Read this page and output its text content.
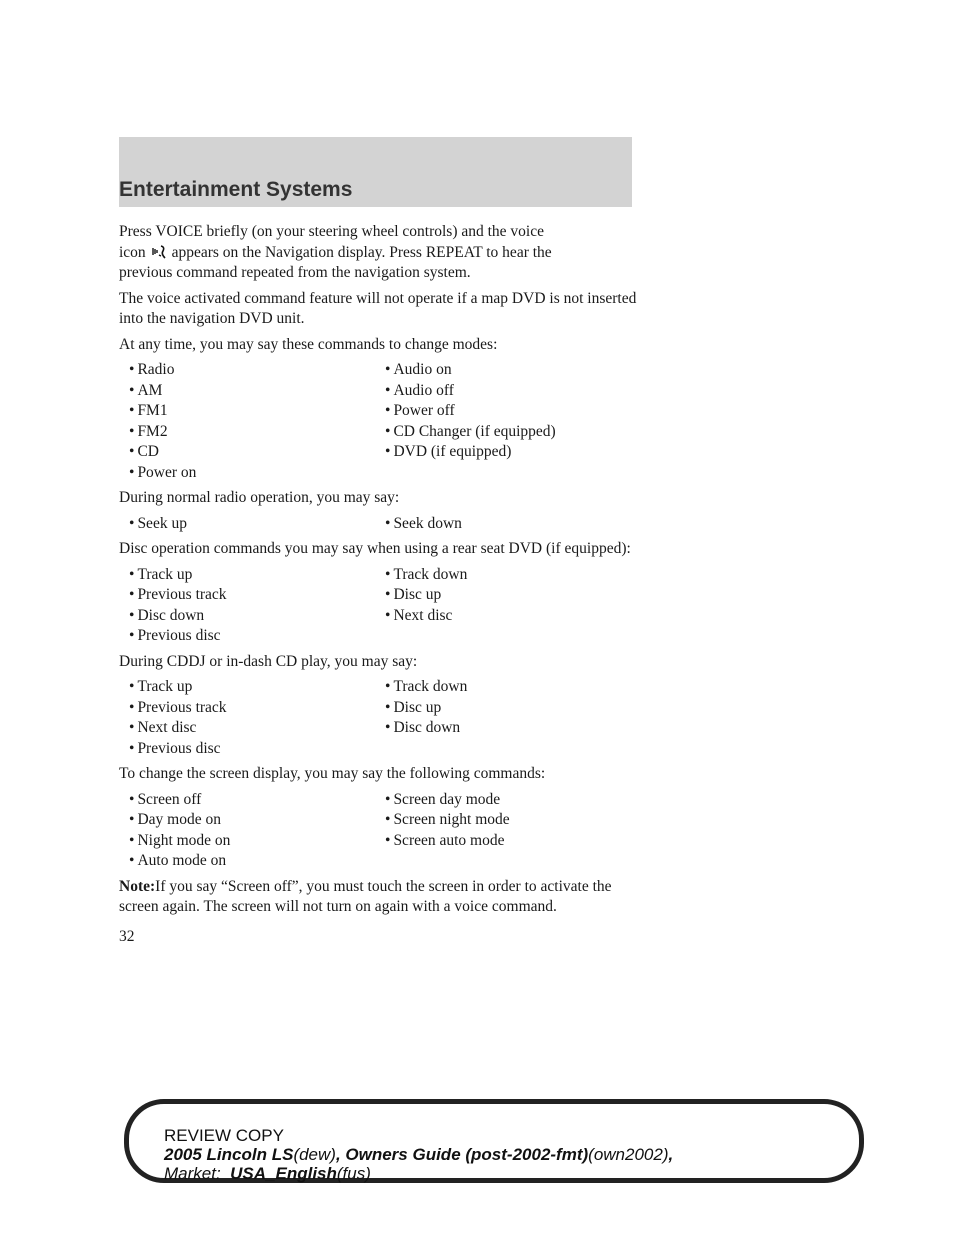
Entertainment Systems

Press VOICE briefly (on your steering wheel controls) and the voice
icon appears on the Navigation display. Press REPEAT to hear the
previous command repeated from the navigation system.

The voice activated command feature will not operate if a map DVD is not inserted into the navigation DVD unit.

At any time, you may say these commands to change modes:

• Radio	• Audio on
• AM	• Audio off
• FM1	• Power off
• FM2	• CD Changer (if equipped)
• CD	• DVD (if equipped)
• Power on

During normal radio operation, you may say:

• Seek up	• Seek down

Disc operation commands you may say when using a rear seat DVD (if equipped):

• Track up	• Track down
• Previous track	• Disc up
• Disc down	• Next disc
• Previous disc

During CDDJ or in-dash CD play, you may say:

• Track up	• Track down
• Previous track	• Disc up
• Next disc	• Disc down
• Previous disc

To change the screen display, you may say the following commands:

• Screen off	• Screen day mode
• Day mode on	• Screen night mode
• Night mode on	• Screen auto mode
• Auto mode on

Note:If you say “Screen off”, you must touch the screen in order to activate the screen again. The screen will not turn on again with a voice command.

32
REVIEW COPY
2005 Lincoln LS(dew), Owners Guide (post-2002-fmt)(own2002),
Market: USA_English(fus)
